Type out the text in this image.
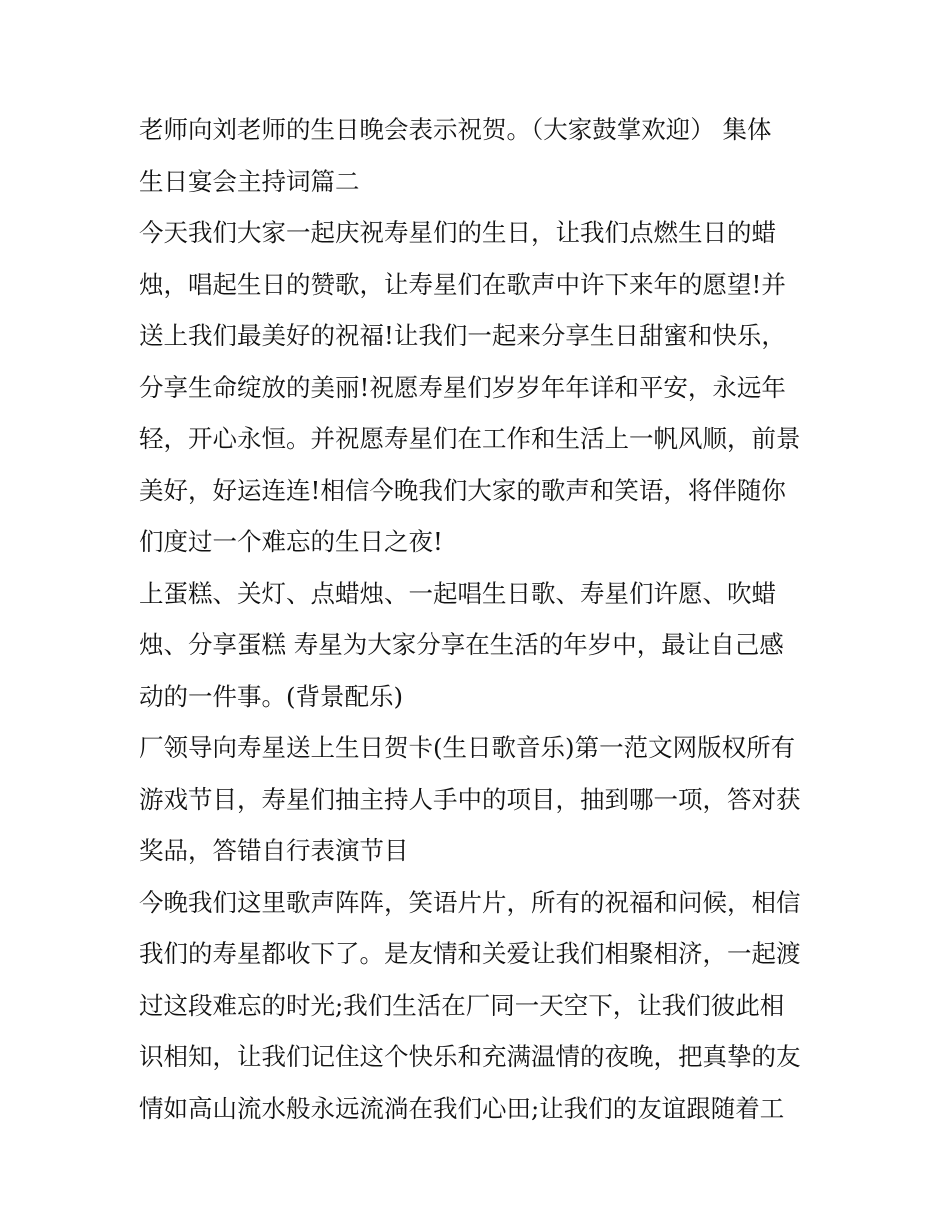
老师向刘老师的生日晚会表示祝贺。（大家鼓掌欢迎） 集体
生日宴会主持词篇二
今天我们大家一起庆祝寿星们的生日，让我们点燃生日的蜡
烛，唱起生日的赞歌，让寿星们在歌声中许下来年的愿望!并
送上我们最美好的祝福!让我们一起来分享生日甜蜜和快乐，
分享生命绽放的美丽!祝愿寿星们岁岁年年详和平安，永远年
轻，开心永恒。并祝愿寿星们在工作和生活上一帆风顺，前景
美好，好运连连!相信今晚我们大家的歌声和笑语，将伴随你
们度过一个难忘的生日之夜!
上蛋糕、关灯、点蜡烛、一起唱生日歌、寿星们许愿、吹蜡
烛、分享蛋糕 寿星为大家分享在生活的年岁中，最让自己感
动的一件事。(背景配乐)
厂领导向寿星送上生日贺卡(生日歌音乐)第一范文网版权所有
游戏节目，寿星们抽主持人手中的项目，抽到哪一项，答对获
奖品，答错自行表演节目
今晚我们这里歌声阵阵，笑语片片，所有的祝福和问候，相信
我们的寿星都收下了。是友情和关爱让我们相聚相济，一起渡
过这段难忘的时光;我们生活在厂同一天空下，让我们彼此相
识相知，让我们记住这个快乐和充满温情的夜晚，把真挚的友
情如高山流水般永远流淌在我们心田;让我们的友谊跟随着工
